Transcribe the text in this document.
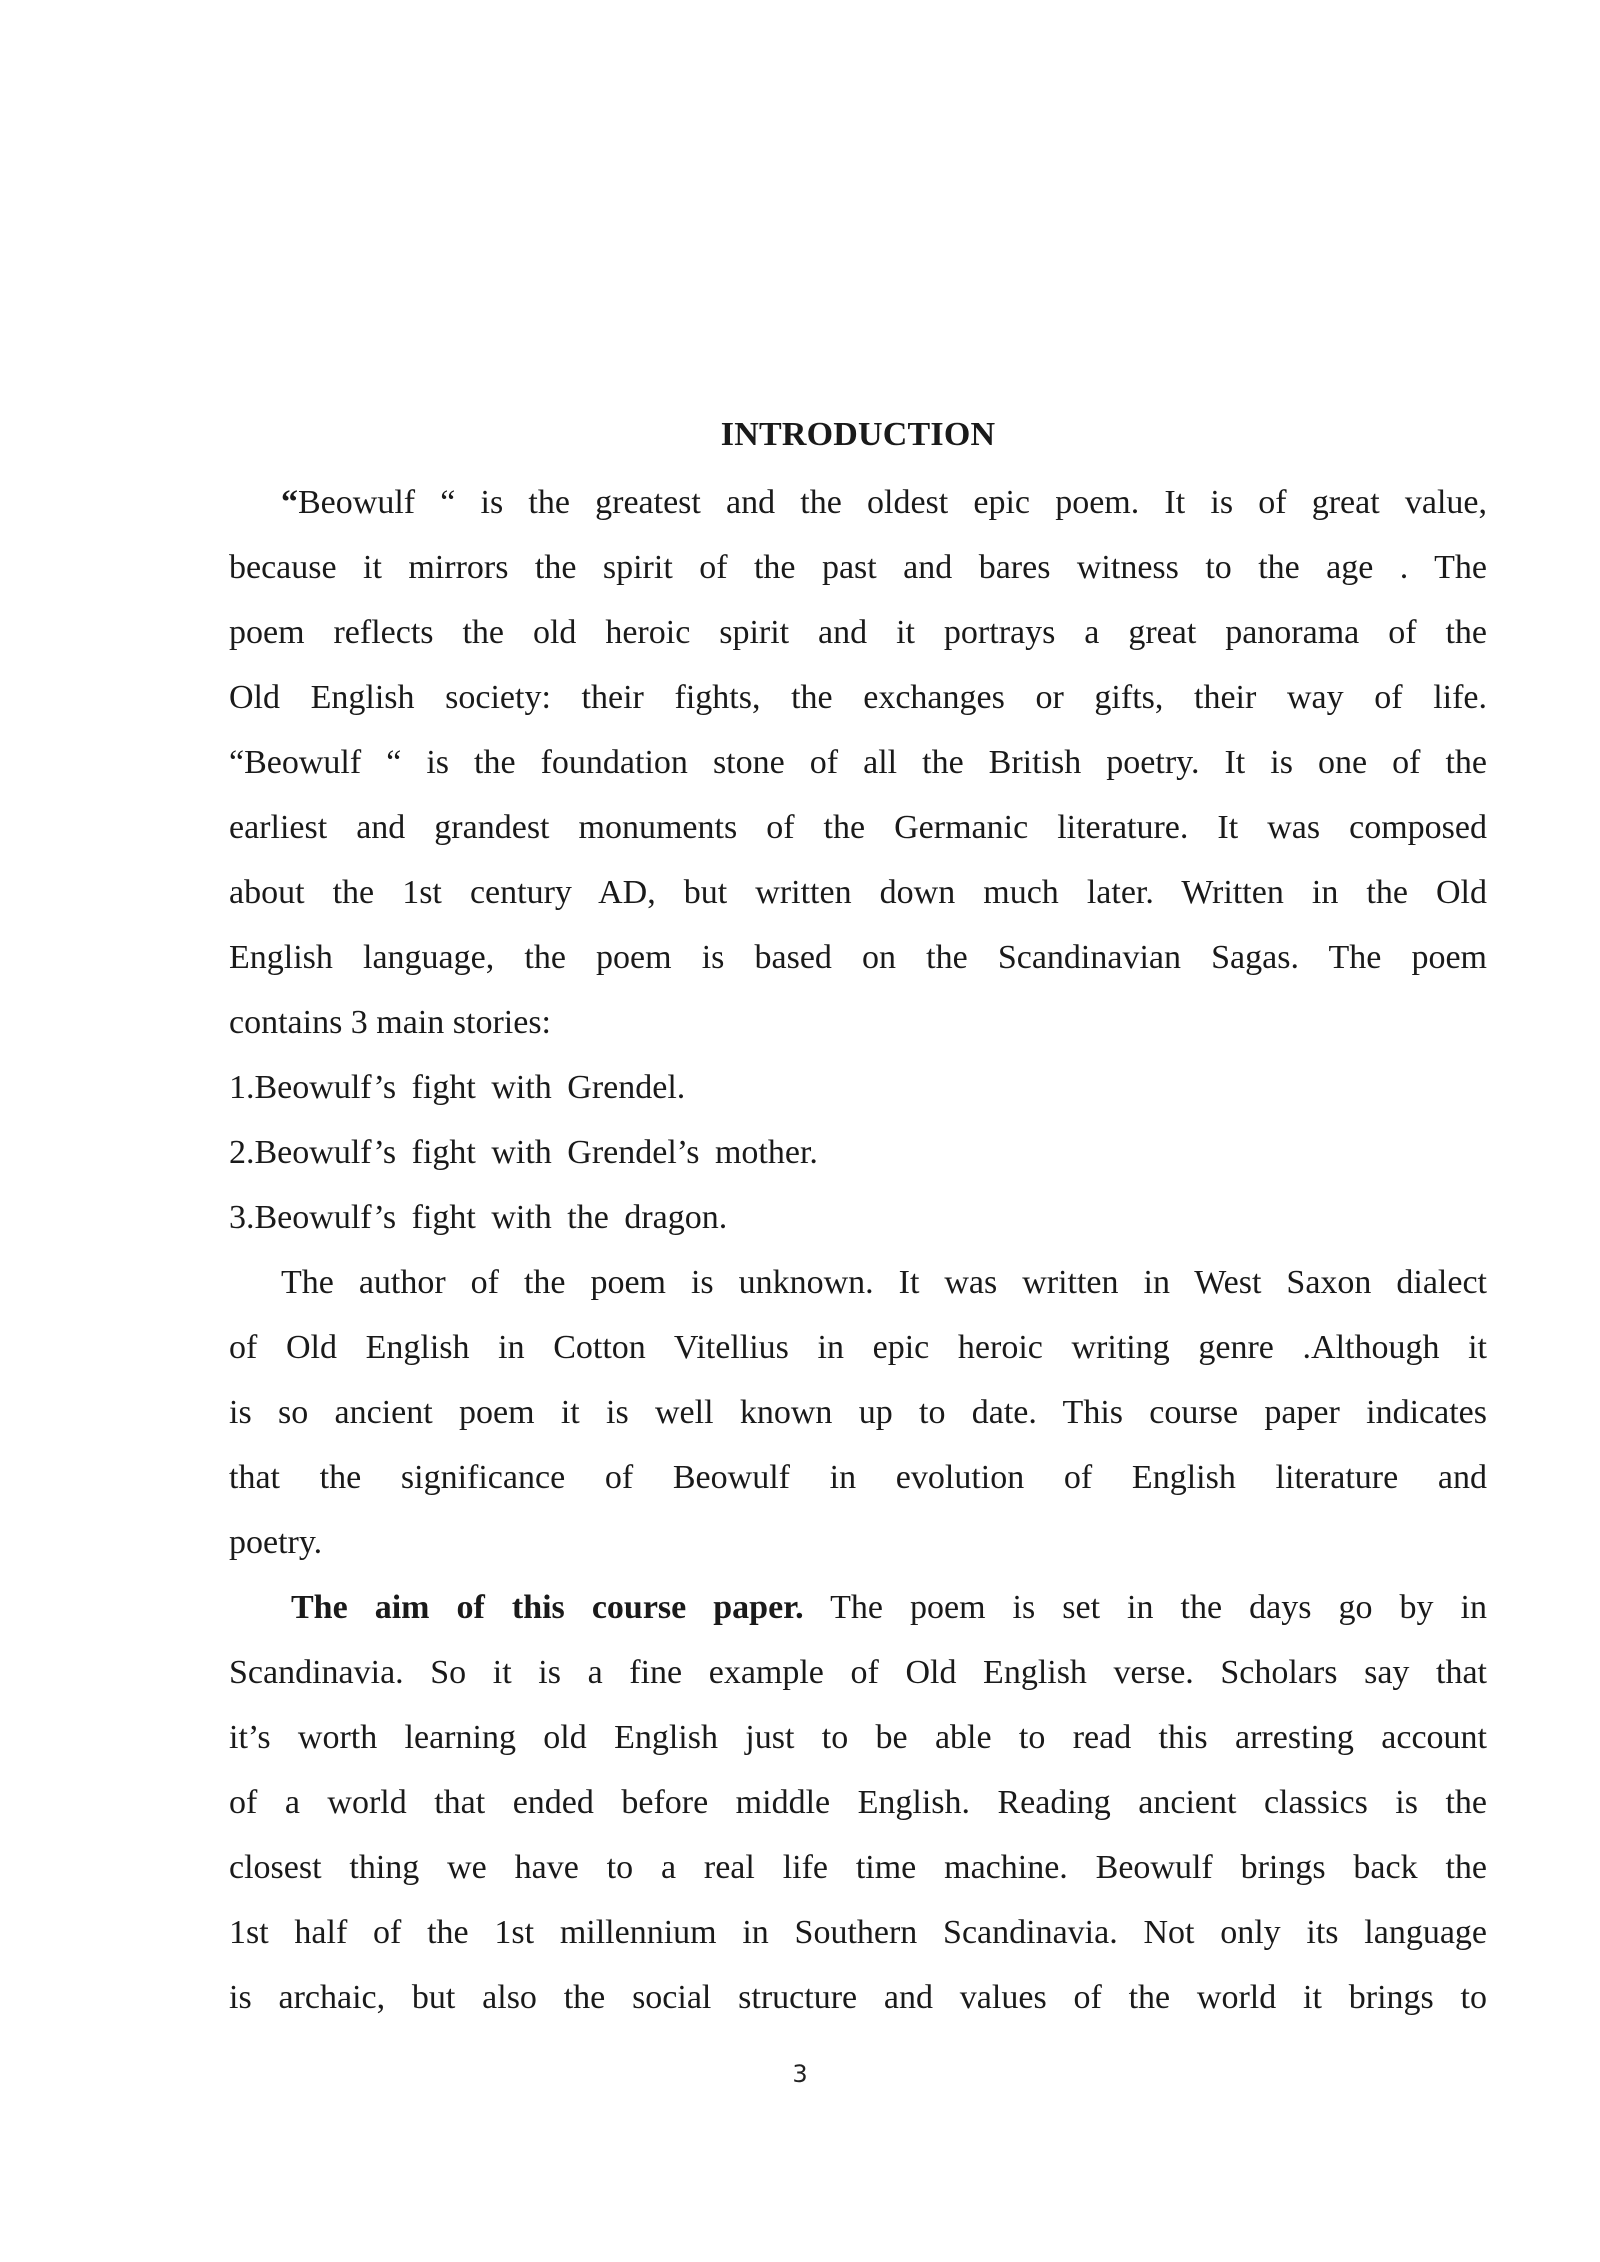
INTRODUCTION
“Beowulf “ is the greatest and the oldest epic poem. It is of great value,
because it mirrors the spirit of the past and bares witness to the age . The
poem reflects the old heroic spirit and it portrays a great panorama of the
Old English society: their fights, the exchanges or gifts, their way of life.
“Beowulf “ is the foundation stone of all the British poetry. It is one of the
earliest and grandest monuments of the Germanic literature. It was composed
about the 1st century AD, but written down much later. Written in the Old
English language, the poem is based on the Scandinavian Sagas. The poem
contains 3 main stories:
1.Beowulf’s fight with Grendel.
2.Beowulf’s fight with Grendel’s mother.
3.Beowulf’s fight with the dragon.
The author of the poem is unknown. It was written in West Saxon dialect
of Old English in Cotton Vitellius in epic heroic writing genre .Although it
is so ancient poem it is well known up to date. This course paper indicates
that the significance of Beowulf in evolution of English literature and
poetry.
The aim of this course paper. The poem is set in the days go by in
Scandinavia. So it is a fine example of Old English verse. Scholars say that
it’s worth learning old English just to be able to read this arresting account
of a world that ended before middle English. Reading ancient classics is the
closest thing we have to a real life time machine. Beowulf brings back the
1st half of the 1st millennium in Southern Scandinavia. Not only its language
is archaic, but also the social structure and values of the world it brings to
3
